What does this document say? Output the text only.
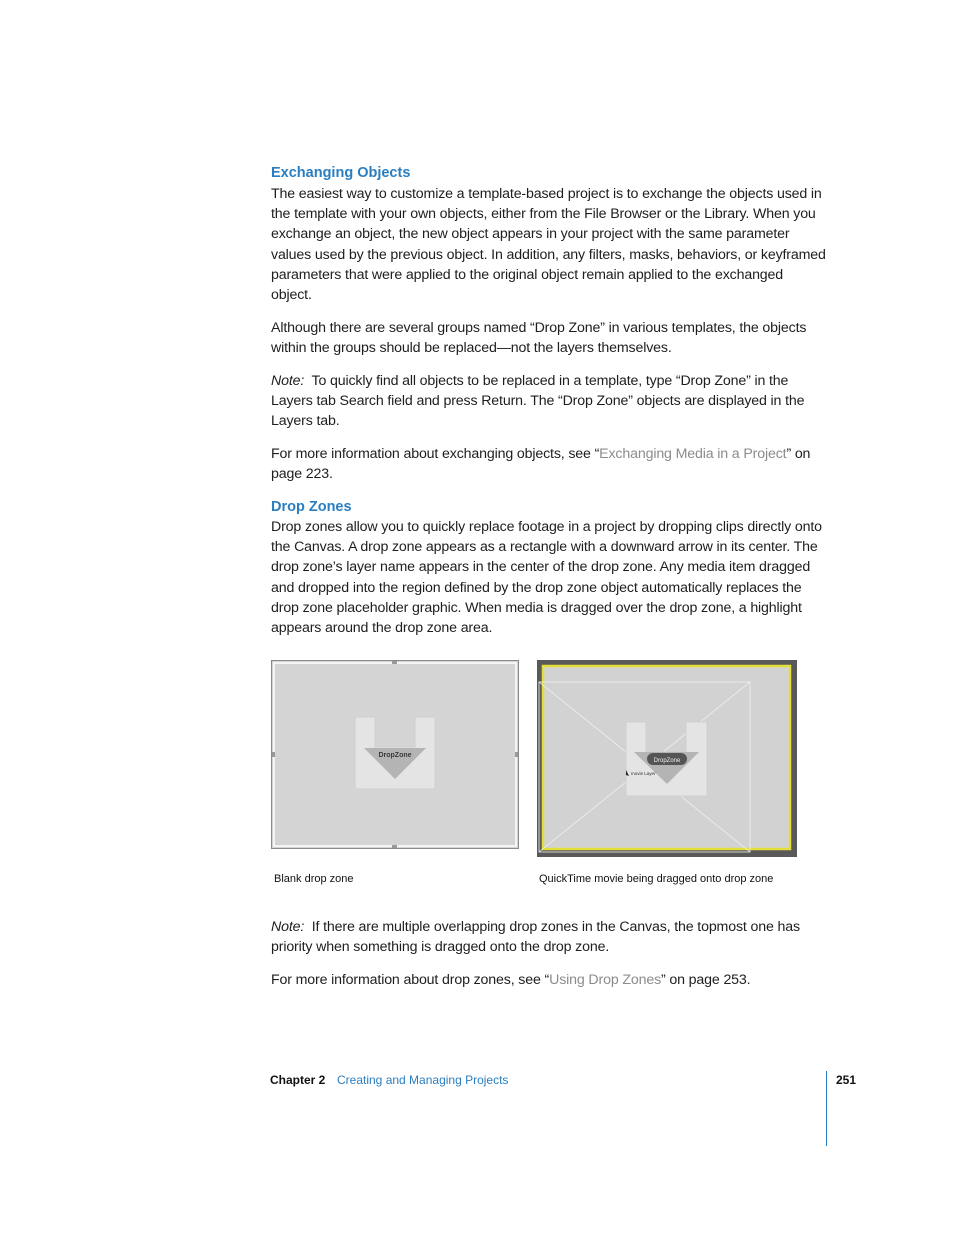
Exchanging Objects

The easiest way to customize a template-based project is to exchange the objects used in the template with your own objects, either from the File Browser or the Library. When you exchange an object, the new object appears in your project with the same parameter values used by the previous object. In addition, any filters, masks, behaviors, or keyframed parameters that were applied to the original object remain applied to the exchanged object.

Although there are several groups named “Drop Zone” in various templates, the objects within the groups should be replaced—not the layers themselves.

Note: To quickly find all objects to be replaced in a template, type “Drop Zone” in the Layers tab Search field and press Return. The “Drop Zone” objects are displayed in the Layers tab.

For more information about exchanging objects, see “Exchanging Media in a Project” on page 223.

Drop Zones

Drop zones allow you to quickly replace footage in a project by dropping clips directly onto the Canvas. A drop zone appears as a rectangle with a downward arrow in its center. The drop zone’s layer name appears in the center of the drop zone. Any media item dragged and dropped into the region defined by the drop zone object automatically replaces the drop zone placeholder graphic. When media is dragged over the drop zone, a highlight appears around the drop zone area.

DropZone
DropZone
movie Layer
Blank drop zone	QuickTime movie being dragged onto drop zone

Note: If there are multiple overlapping drop zones in the Canvas, the topmost one has priority when something is dragged onto the drop zone.

For more information about drop zones, see “Using Drop Zones” on page 253.

Chapter 2 Creating and Managing Projects	251
